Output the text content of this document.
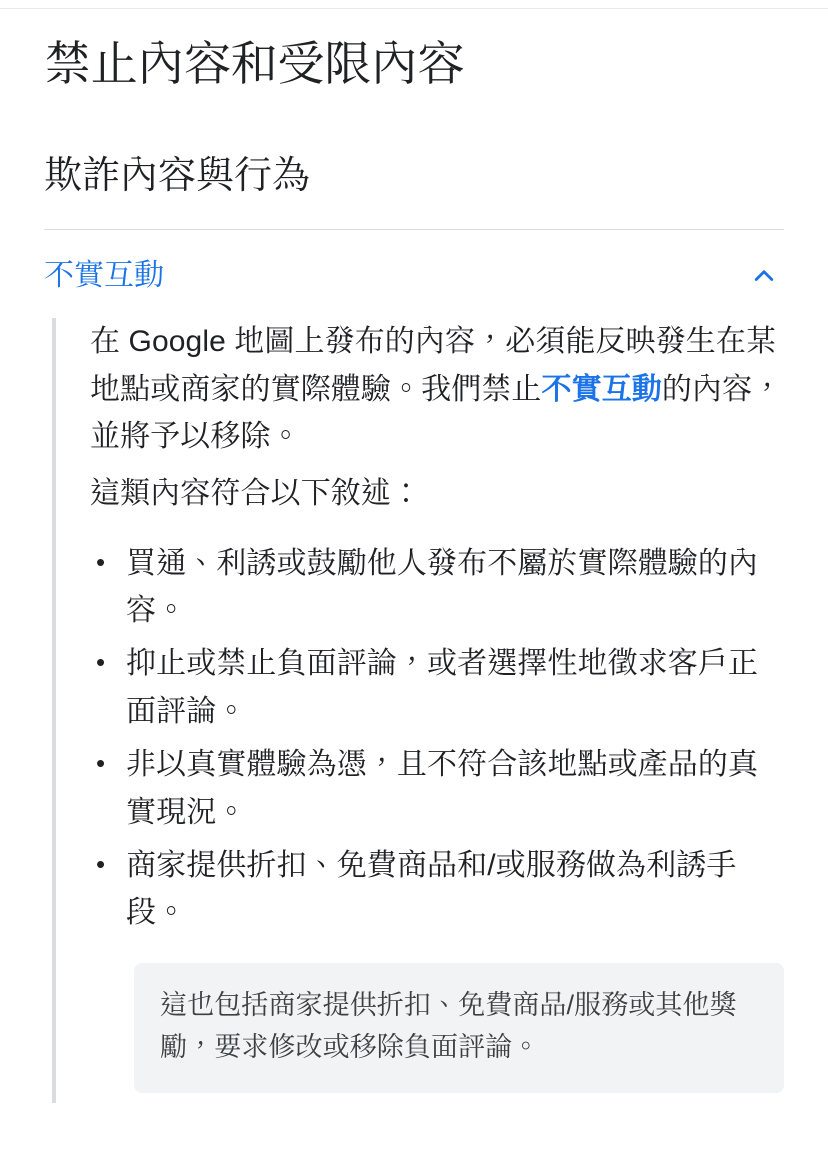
禁止內容和受限內容
欺詐內容與行為
不實互動

在 Google 地圖上發布的內容，必須能反映發生在某地點或商家的實際體驗。我們禁止不實互動的內容，並將予以移除。

這類內容符合以下敘述：

• 買通、利誘或鼓勵他人發布不屬於實際體驗的內容。
• 抑止或禁止負面評論，或者選擇性地徵求客戶正面評論。
• 非以真實體驗為憑，且不符合該地點或產品的真實現況。
• 商家提供折扣、免費商品和/或服務做為利誘手段。

這也包括商家提供折扣、免費商品/服務或其他獎勵，要求修改或移除負面評論。
